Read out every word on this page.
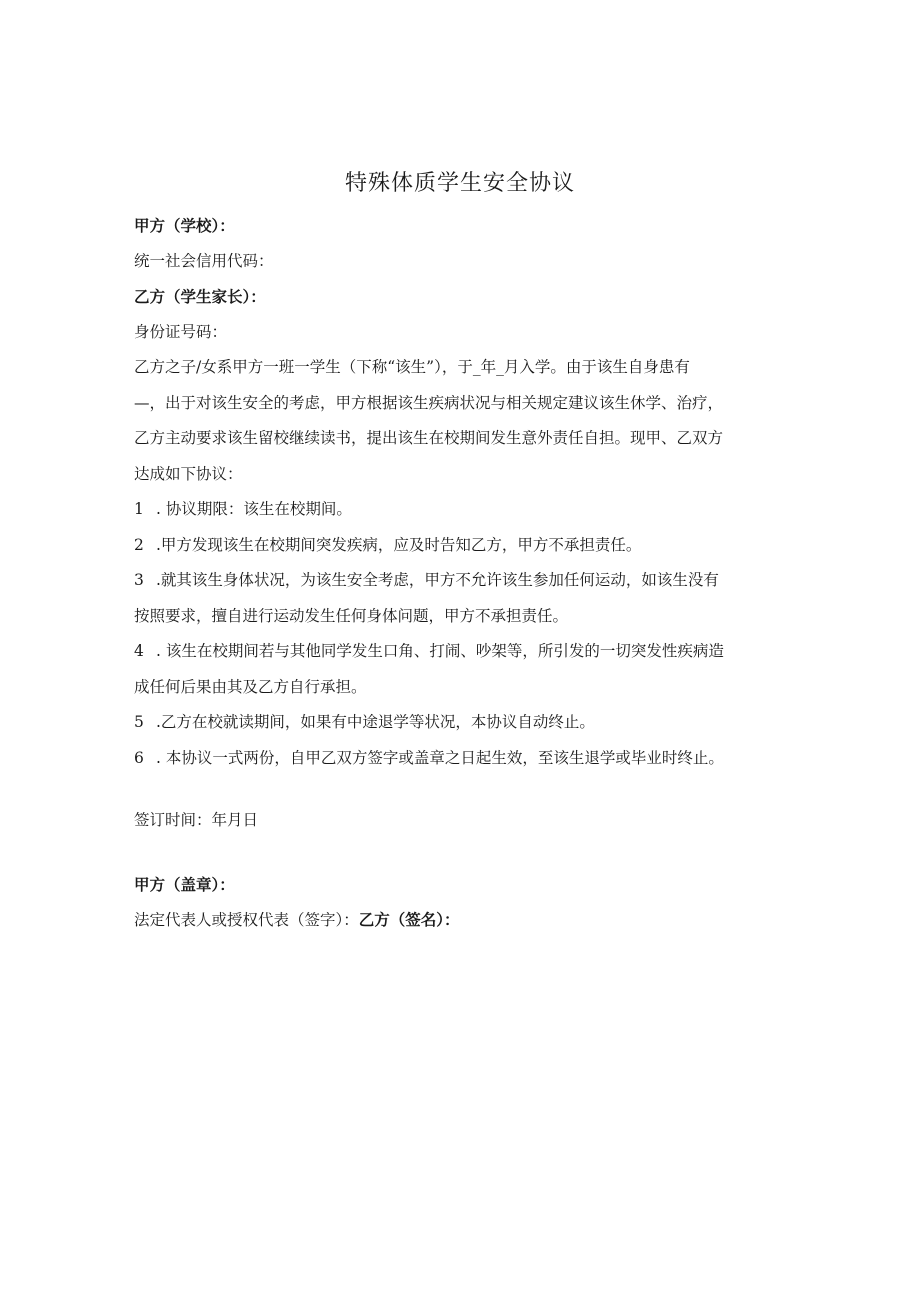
特殊体质学生安全协议
甲方（学校）：
统一社会信用代码：
乙方（学生家长）：
身份证号码：
乙方之子/女系甲方一班一学生（下称“该生”），于_年_月入学。由于该生自身患有
—，出于对该生安全的考虑，甲方根据该生疾病状况与相关规定建议该生休学、治疗，
乙方主动要求该生留校继续读书，提出该生在校期间发生意外责任自担。现甲、乙双方
达成如下协议：
1 . 协议期限：该生在校期间。
2 .甲方发现该生在校期间突发疾病，应及时告知乙方，甲方不承担责任。
3 .就其该生身体状况，为该生安全考虑，甲方不允许该生参加任何运动，如该生没有
按照要求，擅自进行运动发生任何身体问题，甲方不承担责任。
4 . 该生在校期间若与其他同学发生口角、打闹、吵架等，所引发的一切突发性疾病造
成任何后果由其及乙方自行承担。
5 .乙方在校就读期间，如果有中途退学等状况，本协议自动终止。
6 . 本协议一式两份，自甲乙双方签字或盖章之日起生效，至该生退学或毕业时终止。
签订时间：年月日
甲方（盖章）：
法定代表人或授权代表（签字）：乙方（签名）：
